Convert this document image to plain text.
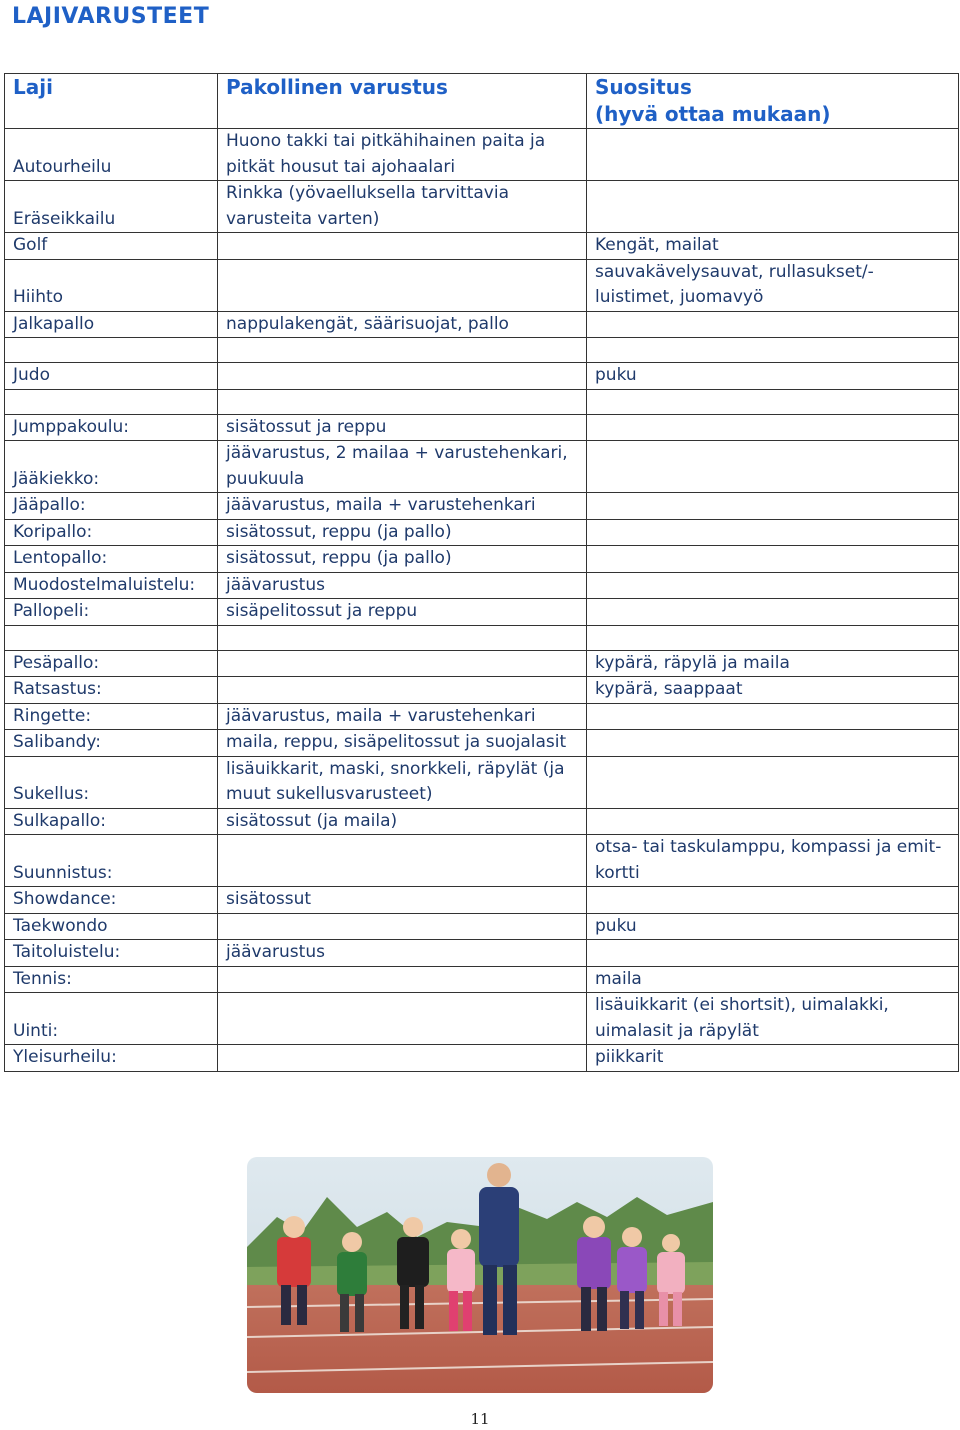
LAJIVARUSTEET
Laji	Pakollinen varustus	Suositus
(hyvä ottaa mukaan)
Autourheilu	Huono takki tai pitkähihainen paita ja
pitkät housut tai ajohaalari	
Eräseikkailu	Rinkka (yövaelluksella tarvittavia
varusteita varten)	
Golf		Kengät, mailat
Hiihto		sauvakävelysauvat, rullasukset/-
luistimet, juomavyö
Jalkapallo	nappulakengät, säärisuojat, pallo	

Judo		puku

Jumppakoulu:	sisätossut ja reppu	
Jääkiekko:	jäävarustus, 2 mailaa + varustehenkari,
puukuula	
Jääpallo:	jäävarustus, maila + varustehenkari	
Koripallo:	sisätossut, reppu (ja pallo)	
Lentopallo:	sisätossut, reppu (ja pallo)	
Muodostelmaluistelu:	jäävarustus	
Pallopeli:	sisäpelitossut ja reppu	

Pesäpallo:		kypärä, räpylä ja maila
Ratsastus:		kypärä, saappaat
Ringette:	jäävarustus, maila + varustehenkari	
Salibandy:	maila, reppu, sisäpelitossut ja suojalasit	
Sukellus:	lisäuikkarit, maski, snorkkeli, räpylät (ja
muut sukellusvarusteet)	
Sulkapallo:	sisätossut (ja maila)	
Suunnistus:		otsa- tai taskulamppu, kompassi ja emit-
kortti
Showdance:	sisätossut	
Taekwondo		puku
Taitoluistelu:	jäävarustus	
Tennis:		maila
Uinti:		lisäuikkarit (ei shortsit), uimalakki,
uimalasit ja räpylät
Yleisurheilu:		piikkarit
11
